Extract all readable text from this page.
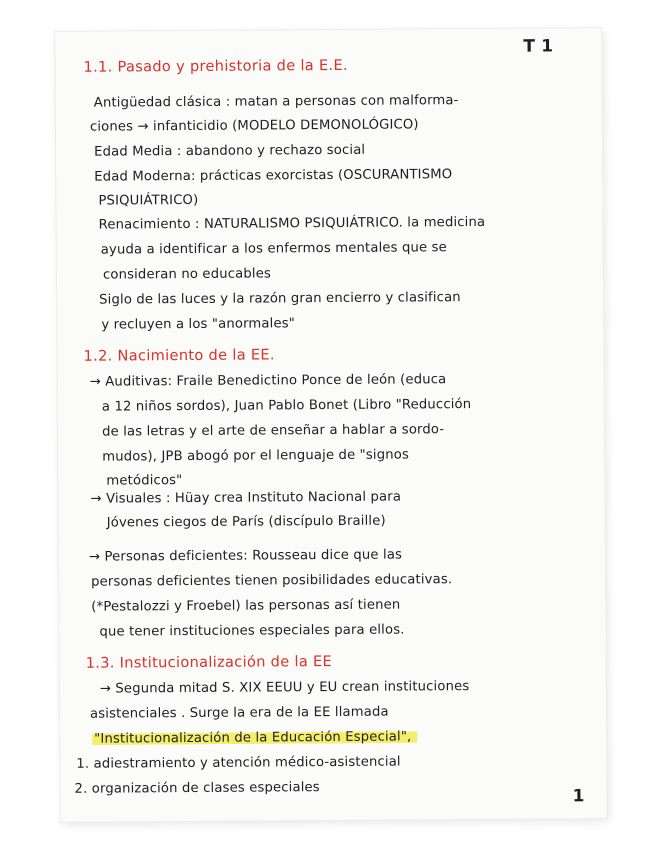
T 1
1.1. Pasado y prehistoria de la E.E.
Antigüedad clásica : matan a personas con malforma-
ciones → infanticidio (MODELO DEMONOLÓGICO)
Edad Media : abandono y rechazo social
Edad Moderna: prácticas exorcistas (OSCURANTISMO
PSIQUIÁTRICO)
Renacimiento : NATURALISMO PSIQUIÁTRICO. la medicina
ayuda a identificar a los enfermos mentales que se
consideran no educables
Siglo de las luces y la razón gran encierro y clasifican
y recluyen a los "anormales"
1.2. Nacimiento de la EE.
→ Auditivas: Fraile Benedictino Ponce de león (educa
a 12 niños sordos), Juan Pablo Bonet (Libro "Reducción
de las letras y el arte de enseñar a hablar a sordo-
mudos), JPB abogó por el lenguaje de "signos
metódicos"
→ Visuales : Hüay crea Instituto Nacional para
Jóvenes ciegos de París (discípulo Braille)
→ Personas deficientes: Rousseau dice que las
personas deficientes tienen posibilidades educativas.
(*Pestalozzi y Froebel) las personas así tienen
que tener instituciones especiales para ellos.
1.3. Institucionalización de la EE
→ Segunda mitad S. XIX EEUU y EU crean instituciones
asistenciales . Surge la era de la EE llamada
"Institucionalización de la Educación Especial",
1. adiestramiento y atención médico-asistencial
2. organización de clases especiales	1
